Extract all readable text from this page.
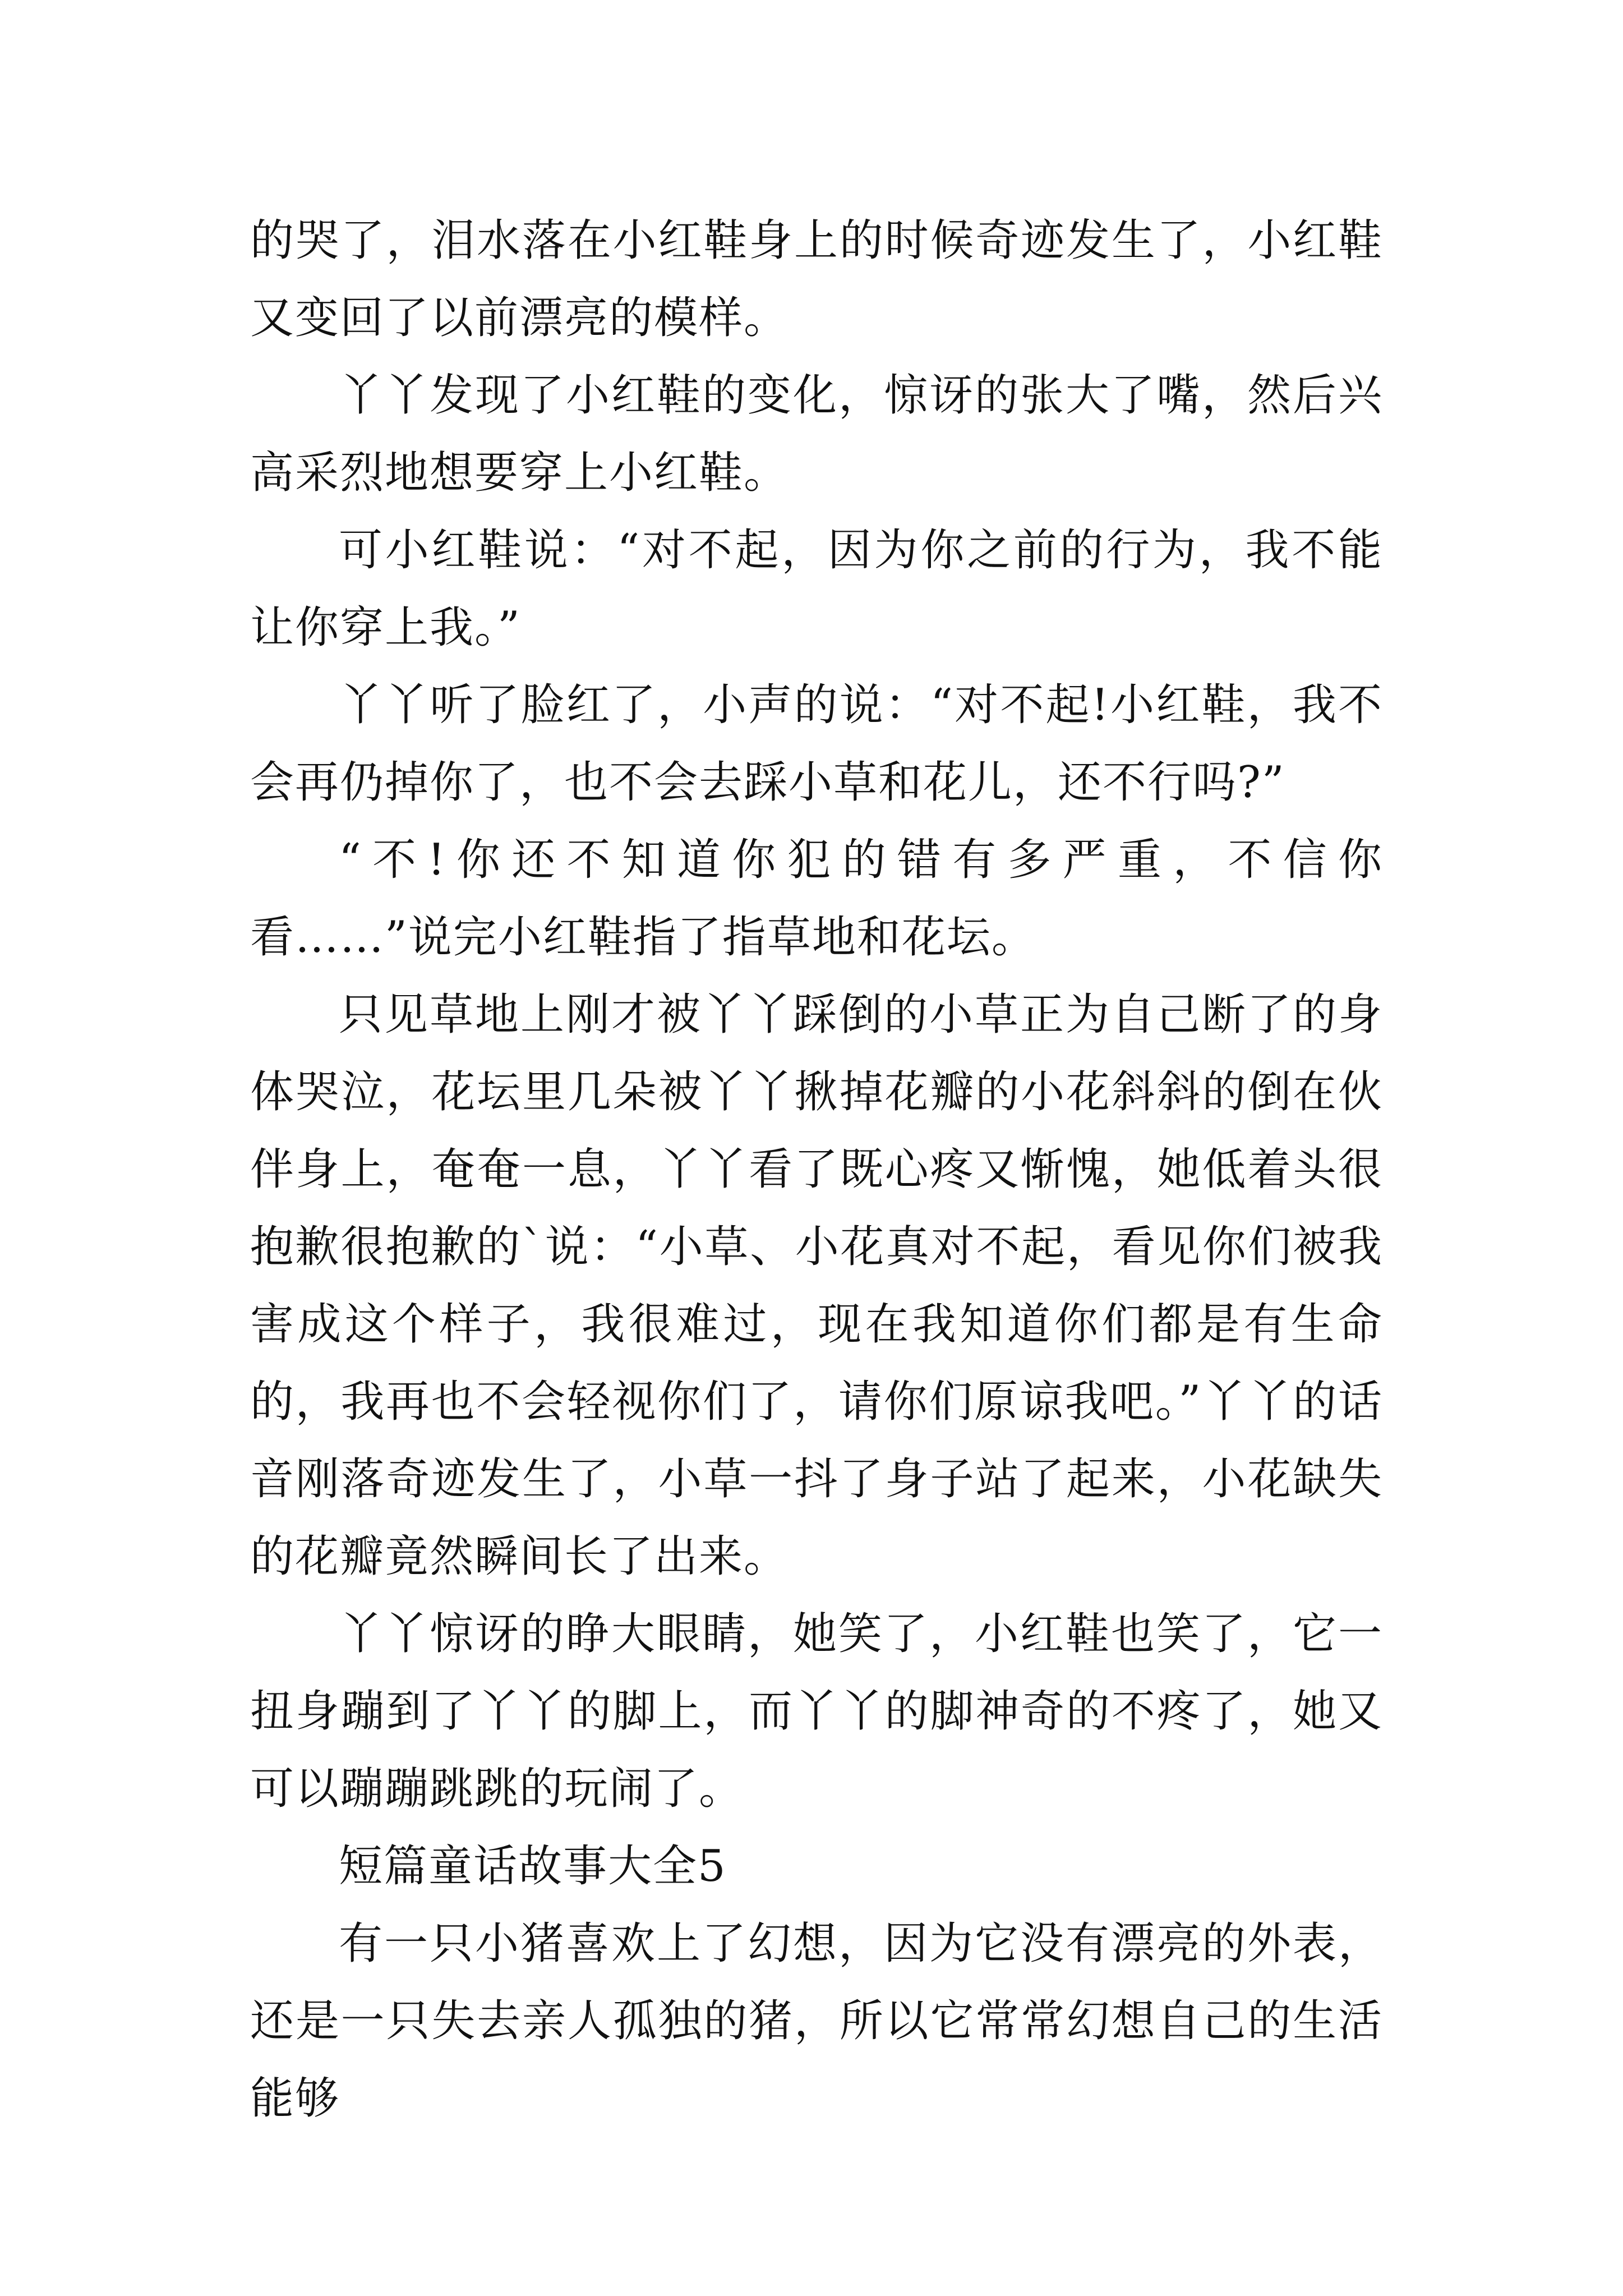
的哭了，泪水落在小红鞋身上的时候奇迹发生了，小红鞋又变回了以前漂亮的模样。

丫丫发现了小红鞋的变化，惊讶的张大了嘴，然后兴高采烈地想要穿上小红鞋。

可小红鞋说：“对不起，因为你之前的行为，我不能让你穿上我。”

丫丫听了脸红了，小声的说：“对不起!小红鞋，我不会再仍掉你了，也不会去踩小草和花儿，还不行吗?”

“不!你还不知道你犯的错有多严重，不信你看……”说完小红鞋指了指草地和花坛。

只见草地上刚才被丫丫踩倒的小草正为自己断了的身体哭泣，花坛里几朵被丫丫揪掉花瓣的小花斜斜的倒在伙伴身上，奄奄一息，丫丫看了既心疼又惭愧，她低着头很抱歉很抱歉的`说：“小草、小花真对不起，看见你们被我害成这个样子，我很难过，现在我知道你们都是有生命的，我再也不会轻视你们了，请你们原谅我吧。”丫丫的话音刚落奇迹发生了，小草一抖了身子站了起来，小花缺失的花瓣竟然瞬间长了出来。

丫丫惊讶的睁大眼睛，她笑了，小红鞋也笑了，它一扭身蹦到了丫丫的脚上，而丫丫的脚神奇的不疼了，她又可以蹦蹦跳跳的玩闹了。

短篇童话故事大全5

有一只小猪喜欢上了幻想，因为它没有漂亮的外表，还是一只失去亲人孤独的猪，所以它常常幻想自己的生活能够
